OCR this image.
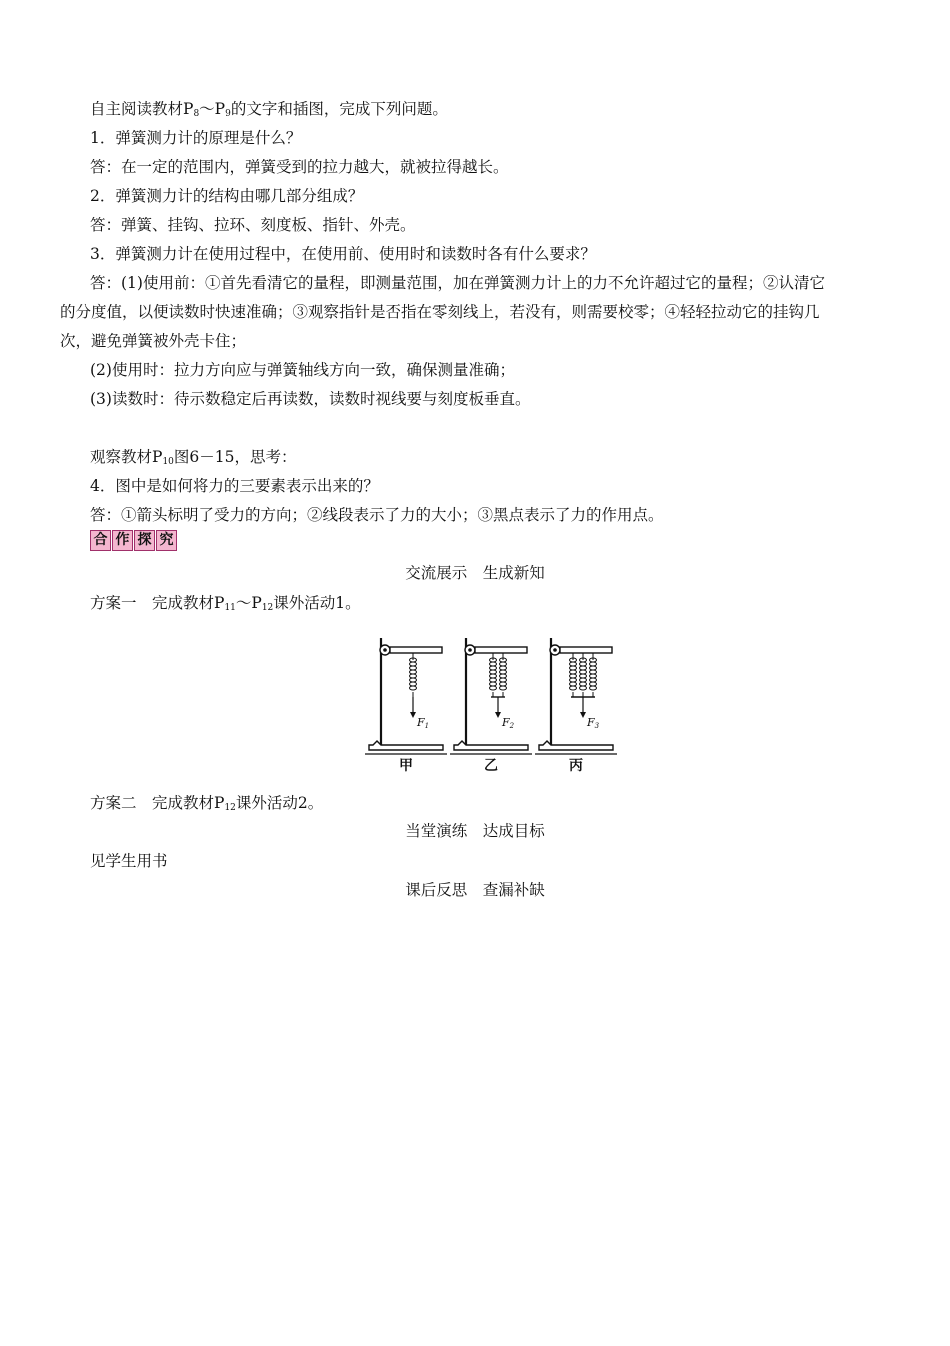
自主阅读教材$P_8\sim P_9$的文字和插图，完成下列问题。
1．弹簧测力计的原理是什么？
答：在一定的范围内，弹簧受到的拉力越大，就被拉得越长。
2．弹簧测力计的结构由哪几部分组成？
答：弹簧、挂钩、拉环、刻度板、指针、外壳。
3．弹簧测力计在使用过程中，在使用前、使用时和读数时各有什么要求？
答：(1)使用前：①首先看清它的量程，即测量范围，加在弹簧测力计上的力不允许超过它的量程；②认清它
的分度值，以便读数时快速准确；③观察指针是否指在零刻线上，若没有，则需要校零；④轻轻拉动它的挂钩几
次，避免弹簧被外壳卡住；
(2)使用时：拉力方向应与弹簧轴线方向一致，确保测量准确；
(3)读数时：待示数稳定后再读数，读数时视线要与刻度板垂直。
观察教材$P_{10}$图6－15，思考：
4．图中是如何将力的三要素表示出来的？
答：①箭头标明了受力的方向；②线段表示了力的大小；③黑点表示了力的作用点。
合 作 探 究
交流展示　生成新知
方案一　完成教材$P_{11}\sim P_{12}$课外活动1。
F1
甲
F2
乙
F3
丙
方案二　完成教材$P_{12}$课外活动2。
当堂演练　达成目标
见学生用书
课后反思　查漏补缺
